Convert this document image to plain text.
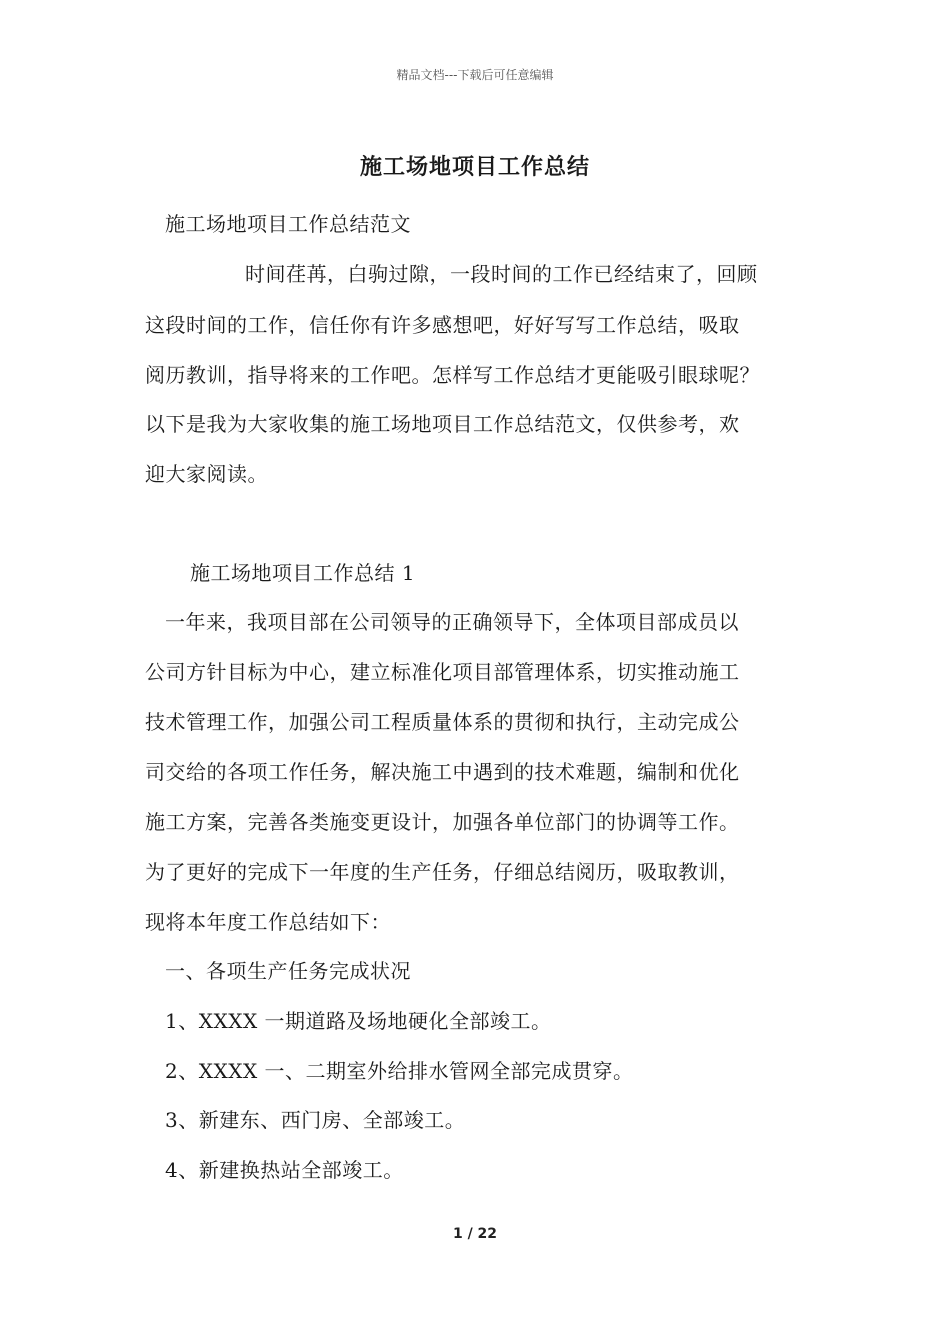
精品文档---下载后可任意编辑
施工场地项目工作总结
施工场地项目工作总结范文
时间荏苒，白驹过隙，一段时间的工作已经结束了，回顾
这段时间的工作，信任你有许多感想吧，好好写写工作总结，吸取
阅历教训，指导将来的工作吧。怎样写工作总结才更能吸引眼球呢？
以下是我为大家收集的施工场地项目工作总结范文，仅供参考，欢
迎大家阅读。
施工场地项目工作总结 1
一年来，我项目部在公司领导的正确领导下，全体项目部成员以
公司方针目标为中心，建立标准化项目部管理体系，切实推动施工
技术管理工作，加强公司工程质量体系的贯彻和执行，主动完成公
司交给的各项工作任务，解决施工中遇到的技术难题，编制和优化
施工方案，完善各类施变更设计，加强各单位部门的协调等工作。
为了更好的完成下一年度的生产任务，仔细总结阅历，吸取教训，
现将本年度工作总结如下：
一、各项生产任务完成状况
1、XXXX 一期道路及场地硬化全部竣工。
2、XXXX 一、二期室外给排水管网全部完成贯穿。
3、新建东、西门房、全部竣工。
4、新建换热站全部竣工。
1 / 22
